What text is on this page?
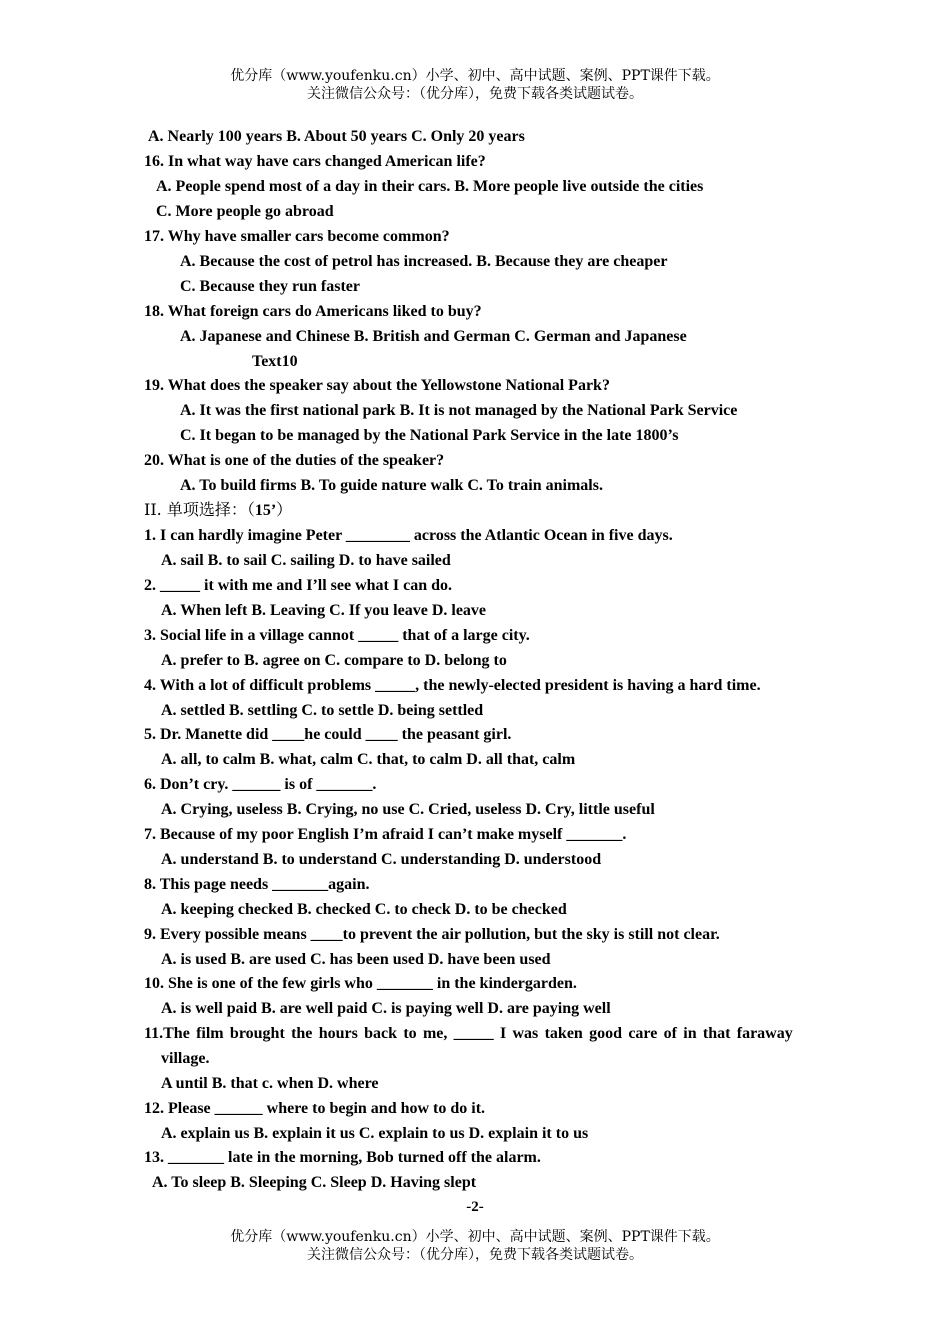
优分库（www.youfenku.cn）小学、初中、高中试题、案例、PPT课件下载。
关注微信公众号：（优分库），免费下载各类试题试卷。
A. Nearly 100 years B. About 50 years C. Only 20 years
16. In what way have cars changed American life?
A. People spend most of a day in their cars. B. More people live outside the cities
C. More people go abroad
17. Why have smaller cars become common?
A. Because the cost of petrol has increased. B. Because they are cheaper
C. Because they run faster
18. What foreign cars do Americans liked to buy?
A. Japanese and Chinese B. British and German C. German and Japanese
Text10
19. What does the speaker say about the Yellowstone National Park?
A. It was the first national park B. It is not managed by the National Park Service
C. It began to be managed by the National Park Service in the late 1800’s
20. What is one of the duties of the speaker?
A. To build firms B. To guide nature walk C. To train animals.
II. 单项选择：（15’）
1. I can hardly imagine Peter ________ across the Atlantic Ocean in five days.
A. sail B. to sail C. sailing D. to have sailed
2. _____ it with me and I’ll see what I can do.
A. When left B. Leaving C. If you leave D. leave
3. Social life in a village cannot _____ that of a large city.
A. prefer to B. agree on C. compare to D. belong to
4. With a lot of difficult problems _____, the newly-elected president is having a hard time.
A. settled B. settling C. to settle D. being settled
5. Dr. Manette did ____he could ____ the peasant girl.
A. all, to calm B. what, calm C. that, to calm D. all that, calm
6. Don’t cry. ______ is of _______.
A. Crying, useless B. Crying, no use C. Cried, useless D. Cry, little useful
7. Because of my poor English I’m afraid I can’t make myself _______.
A. understand B. to understand C. understanding D. understood
8. This page needs _______again.
A. keeping checked B. checked C. to check D. to be checked
9. Every possible means ____to prevent the air pollution, but the sky is still not clear.
A. is used B. are used C. has been used D. have been used
10. She is one of the few girls who _______ in the kindergarden.
A. is well paid B. are well paid C. is paying well D. are paying well
11.The film brought the hours back to me, _____ I was taken good care of in that faraway
village.
A until B. that c. when D. where
12. Please ______ where to begin and how to do it.
A. explain us B. explain it us C. explain to us D. explain it to us
13. _______ late in the morning, Bob turned off the alarm.
A. To sleep B. Sleeping C. Sleep D. Having slept
-2-
优分库（www.youfenku.cn）小学、初中、高中试题、案例、PPT课件下载。
关注微信公众号：（优分库），免费下载各类试题试卷。
